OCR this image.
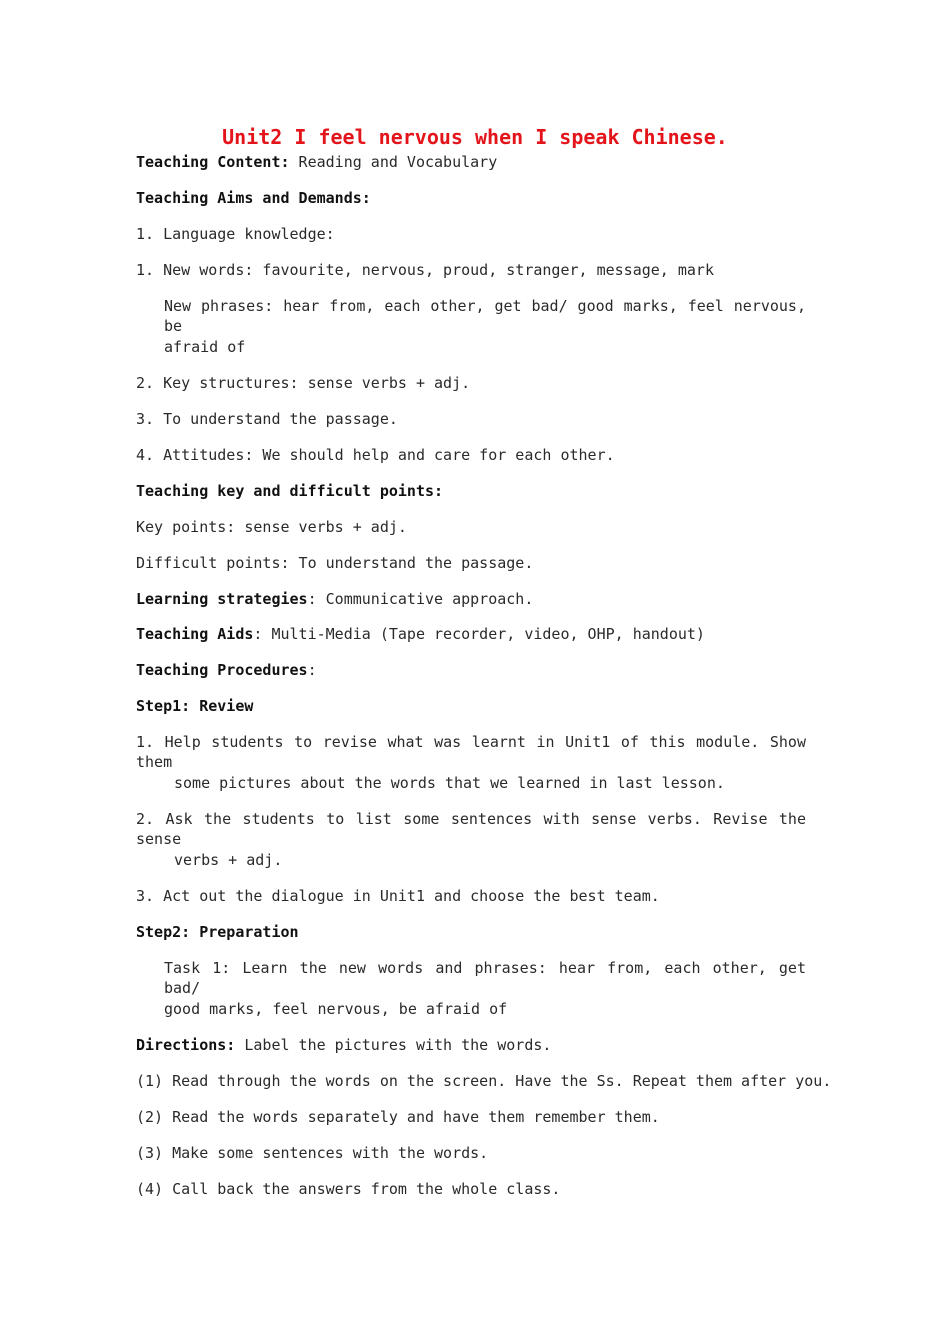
Unit2 I feel nervous when I speak Chinese.
Teaching Content: Reading and Vocabulary
Teaching Aims and Demands:
1. Language knowledge:
1. New words: favourite, nervous, proud, stranger, message, mark
New phrases: hear from, each other, get bad/ good marks, feel nervous, be
afraid of
2. Key structures: sense verbs + adj.
3. To understand the passage.
4. Attitudes: We should help and care for each other.
Teaching key and difficult points:
Key points: sense verbs + adj.
Difficult points: To understand the passage.
Learning strategies: Communicative approach.
Teaching Aids: Multi-Media (Tape recorder, video, OHP, handout)
Teaching Procedures:
Step1: Review
1. Help students to revise what was learnt in Unit1 of this module. Show them
some pictures about the words that we learned in last lesson.
2. Ask the students to list some sentences with sense verbs. Revise the sense
verbs + adj.
3. Act out the dialogue in Unit1 and choose the best team.
Step2: Preparation
Task 1: Learn the new words and phrases: hear from, each other, get bad/
good marks, feel nervous, be afraid of
Directions: Label the pictures with the words.
(1) Read through the words on the screen. Have the Ss. Repeat them after you.
(2) Read the words separately and have them remember them.
(3) Make some sentences with the words.
(4) Call back the answers from the whole class.
